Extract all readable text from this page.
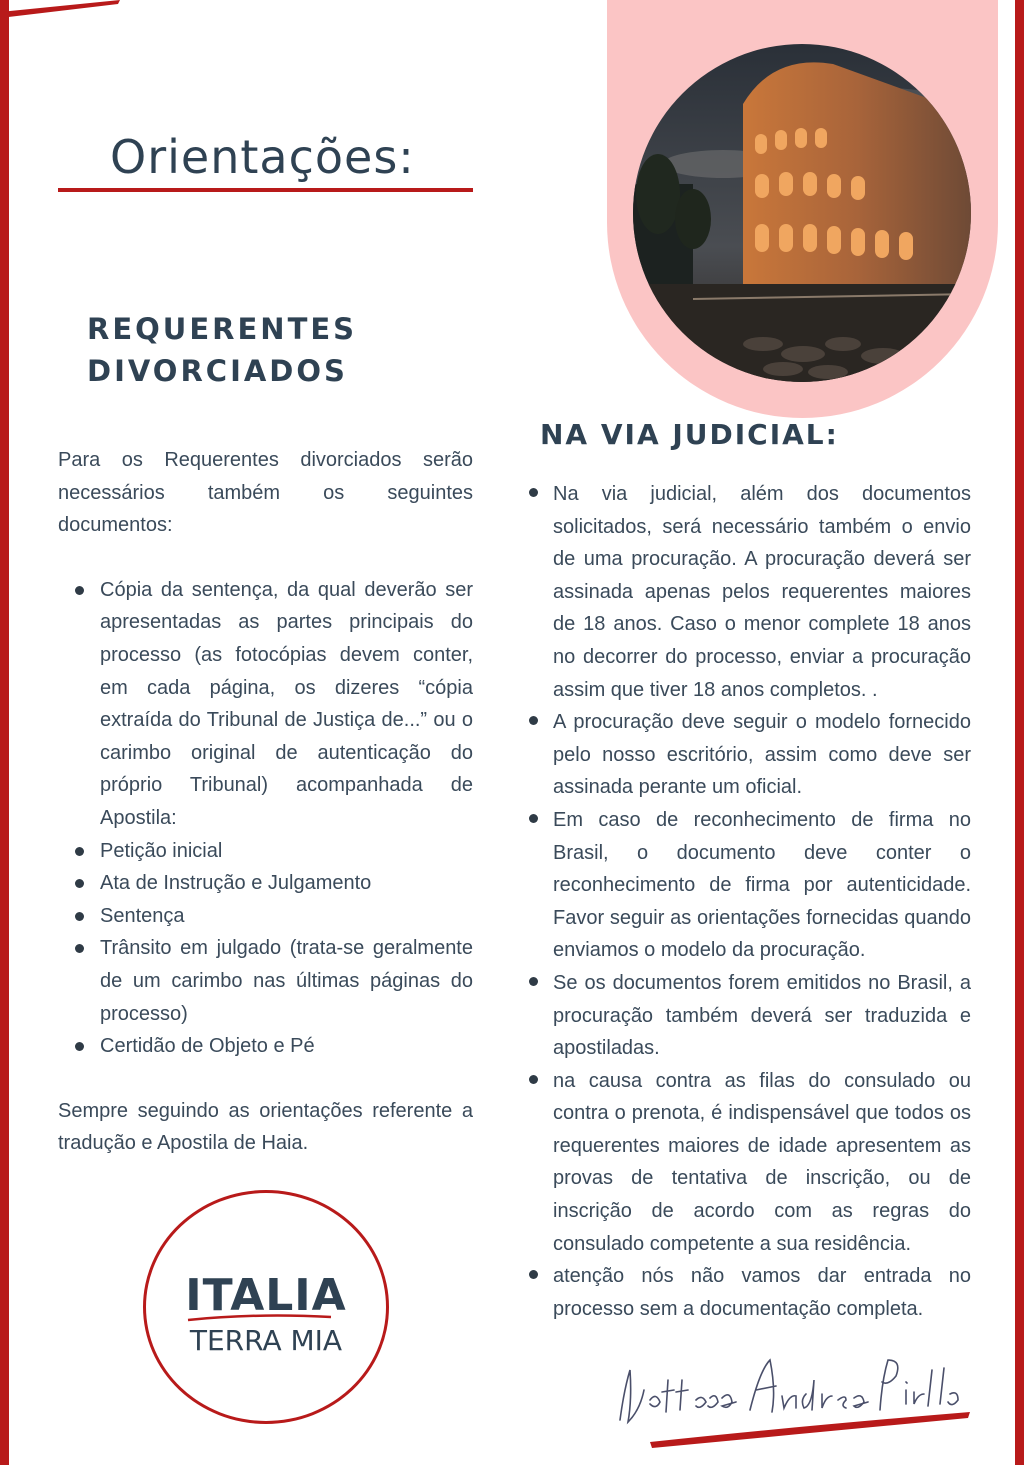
Orientações:
REQUERENTES DIVORCIADOS
NA VIA JUDICIAL:

Para os Requerentes divorciados serão necessários também os seguintes documentos:

Cópia da sentença, da qual deverão ser apresentadas as partes principais do processo (as fotocópias devem conter, em cada página, os dizeres “cópia extraída do Tribunal de Justiça de...” ou o carimbo original de autenticação do próprio Tribunal) acompanhada de Apostila:
Petição inicial
Ata de Instrução e Julgamento
Sentença
Trânsito em julgado (trata-se geralmente de um carimbo nas últimas páginas do processo)
Certidão de Objeto e Pé

Sempre seguindo as orientações referente a tradução e Apostila de Haia.

Na via judicial, além dos documentos solicitados, será necessário também o envio de uma procuração. A procuração deverá ser assinada apenas pelos requerentes maiores de 18 anos. Caso o menor complete 18 anos no decorrer do processo, enviar a procuração assim que tiver 18 anos completos. .
A procuração deve seguir o modelo fornecido pelo nosso escritório, assim como deve ser assinada perante um oficial.
Em caso de reconhecimento de firma no Brasil, o documento deve conter o reconhecimento de firma por autenticidade. Favor seguir as orientações fornecidas quando enviamos o modelo da procuração.
Se os documentos forem emitidos no Brasil, a procuração também deverá ser traduzida e apostiladas.
na causa contra as filas do consulado ou contra o prenota, é indispensável que todos os requerentes maiores de idade apresentem as provas de tentativa de inscrição, ou de inscrição de acordo com as regras do consulado competente a sua residência.
atenção nós não vamos dar entrada no processo sem a documentação completa.
ITALIA
TERRA MIA
